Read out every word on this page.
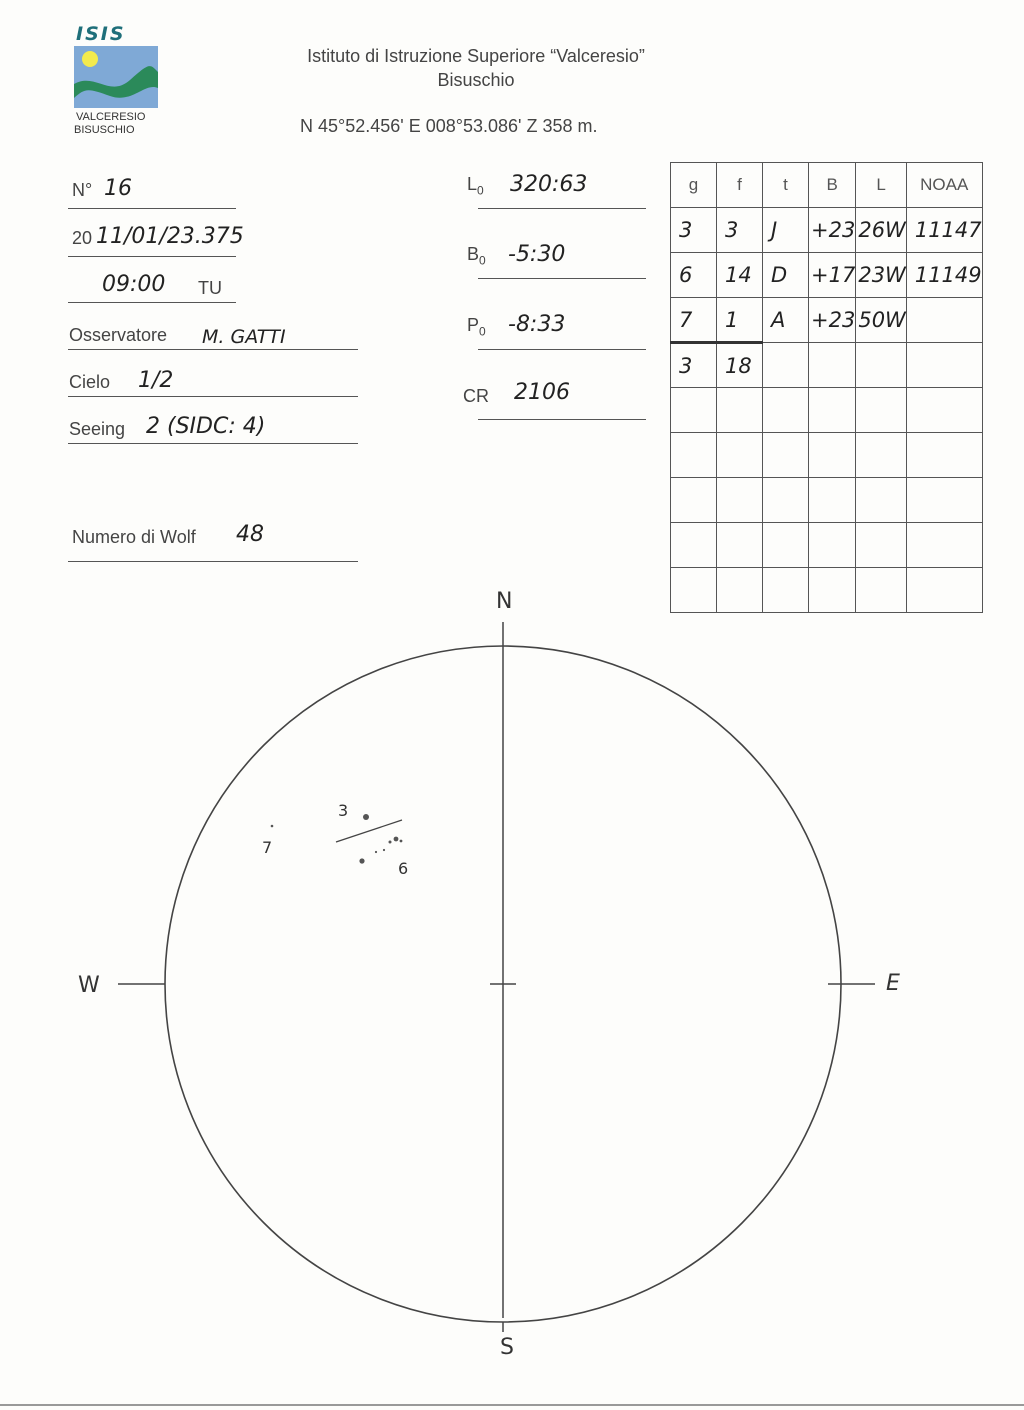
ISIS
VALCERESIO
BISUSCHIO
Istituto di Istruzione Superiore “Valceresio”
Bisuschio
N 45°52.456' E 008°53.086' Z 358 m.
N° 16
20 11/01/23.375
09:00 TU
Osservatore M. GATTI
Cielo 1/2
Seeing 2 (SIDC: 4)
Numero di Wolf 48
$L_0$ 320:63
$B_0$ -5:30
$P_0$ -8:33
CR 2106
g	f	t	B	L	NOAA
3	3	J	+23	26W	11147
6	14	D	+17	23W	11149
7	1	A	+23	50W	
3	18				

N
S
W	E
3
7
6
